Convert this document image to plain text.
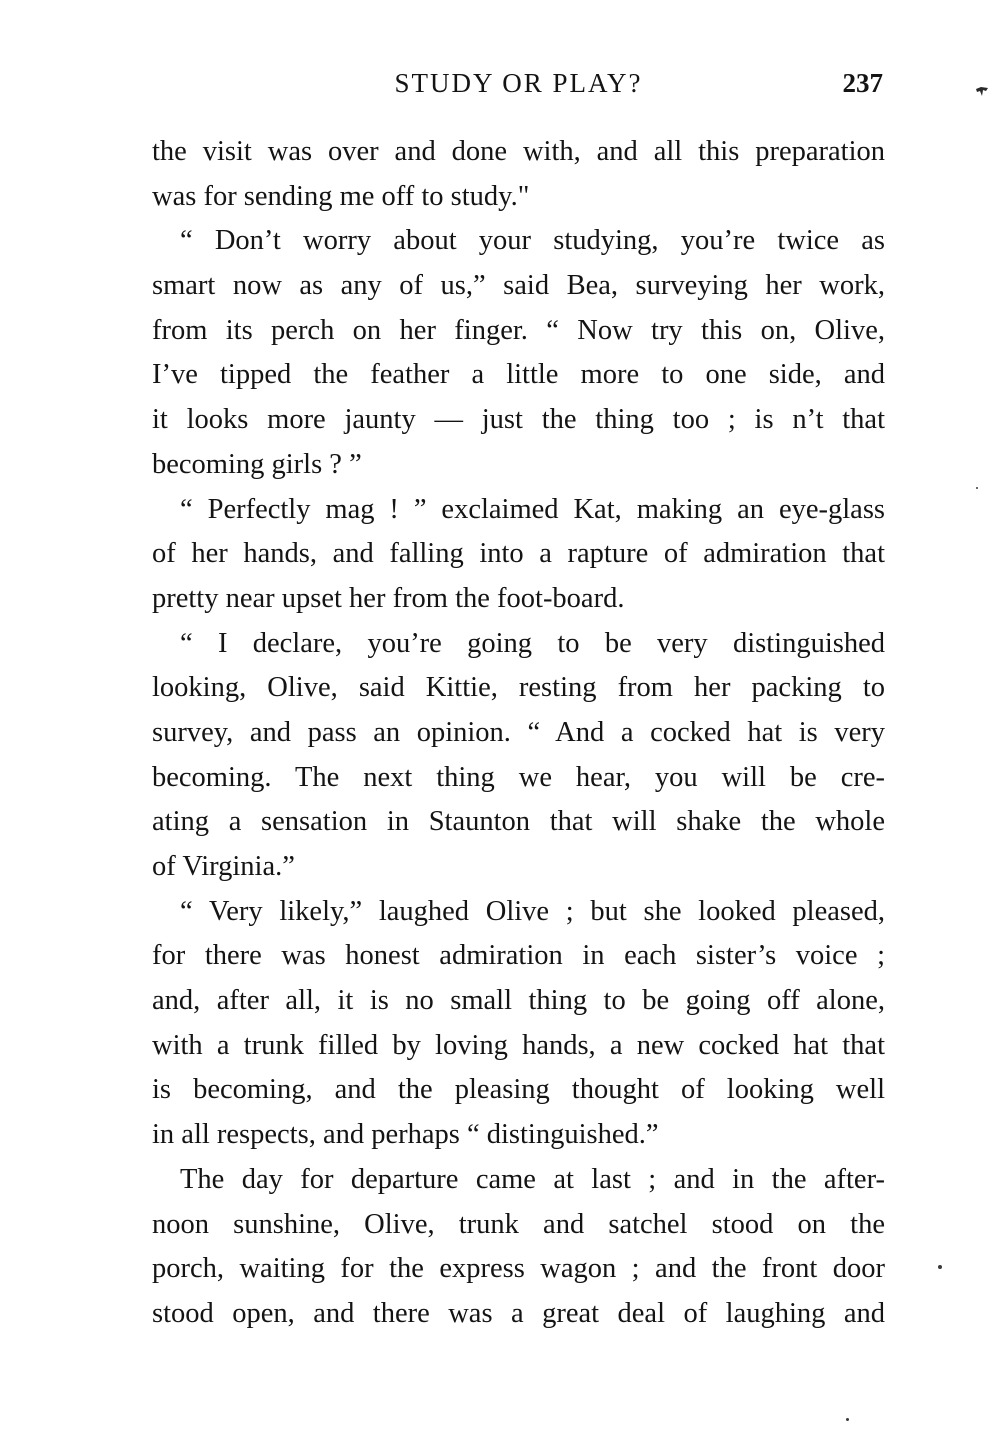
STUDY OR PLAY?	237
the visit was over and done with, and all this preparation
was for sending me off to study."
“ Don’t worry about your studying, you’re twice as
smart now as any of us,” said Bea, surveying her work,
from its perch on her finger. “ Now try this on, Olive,
I’ve tipped the feather a little more to one side, and
it looks more jaunty — just the thing too ; is n’t that
becoming girls ? ”
“ Perfectly mag ! ” exclaimed Kat, making an eye-glass
of her hands, and falling into a rapture of admiration that
pretty near upset her from the foot-board.
“ I declare, you’re going to be very distinguished
looking, Olive, said Kittie, resting from her packing to
survey, and pass an opinion. “ And a cocked hat is very
becoming. The next thing we hear, you will be cre-
ating a sensation in Staunton that will shake the whole
of Virginia.”
“ Very likely,” laughed Olive ; but she looked pleased,
for there was honest admiration in each sister’s voice ;
and, after all, it is no small thing to be going off alone,
with a trunk filled by loving hands, a new cocked hat that
is becoming, and the pleasing thought of looking well
in all respects, and perhaps “ distinguished.”
The day for departure came at last ; and in the after-
noon sunshine, Olive, trunk and satchel stood on the
porch, waiting for the express wagon ; and the front door
stood open, and there was a great deal of laughing and
